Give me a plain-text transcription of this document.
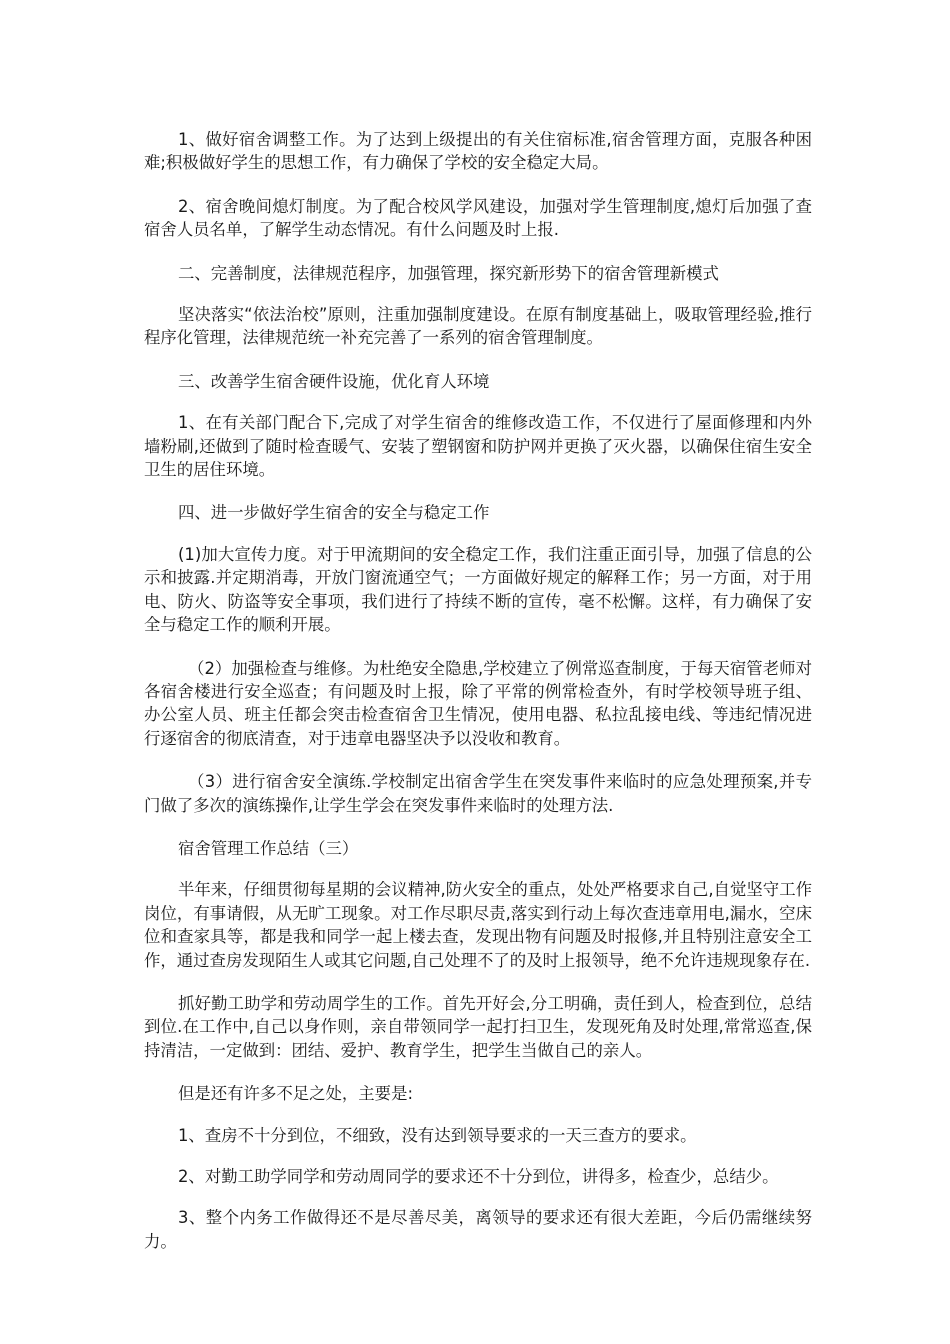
1、做好宿舍调整工作。为了达到上级提出的有关住宿标准,宿舍管理方面，克服各种困难;积极做好学生的思想工作，有力确保了学校的安全稳定大局。

2、宿舍晚间熄灯制度。为了配合校风学风建设，加强对学生管理制度,熄灯后加强了查宿舍人员名单，了解学生动态情况。有什么问题及时上报.

二、完善制度，法律规范程序，加强管理，探究新形势下的宿舍管理新模式

坚决落实“依法治校”原则，注重加强制度建设。在原有制度基础上，吸取管理经验,推行程序化管理，法律规范统一补充完善了一系列的宿舍管理制度。

三、改善学生宿舍硬件设施，优化育人环境

1、在有关部门配合下,完成了对学生宿舍的维修改造工作，不仅进行了屋面修理和内外墙粉刷,还做到了随时检查暖气、安装了塑钢窗和防护网并更换了灭火器，以确保住宿生安全卫生的居住环境。

四、进一步做好学生宿舍的安全与稳定工作

(1)加大宣传力度。对于甲流期间的安全稳定工作，我们注重正面引导，加强了信息的公示和披露.并定期消毒，开放门窗流通空气；一方面做好规定的解释工作；另一方面，对于用电、防火、防盗等安全事项，我们进行了持续不断的宣传，毫不松懈。这样，有力确保了安全与稳定工作的顺利开展。

（2）加强检查与维修。为杜绝安全隐患,学校建立了例常巡查制度，于每天宿管老师对各宿舍楼进行安全巡查；有问题及时上报，除了平常的例常检查外，有时学校领导班子组、办公室人员、班主任都会突击检查宿舍卫生情况，使用电器、私拉乱接电线、等违纪情况进行逐宿舍的彻底清查，对于违章电器坚决予以没收和教育。

（3）进行宿舍安全演练.学校制定出宿舍学生在突发事件来临时的应急处理预案,并专门做了多次的演练操作,让学生学会在突发事件来临时的处理方法.

宿舍管理工作总结（三）

半年来，仔细贯彻每星期的会议精神,防火安全的重点，处处严格要求自己,自觉坚守工作岗位，有事请假，从无旷工现象。对工作尽职尽责,落实到行动上每次查违章用电,漏水，空床位和查家具等，都是我和同学一起上楼去查，发现出物有问题及时报修,并且特别注意安全工作，通过查房发现陌生人或其它问题,自己处理不了的及时上报领导，绝不允许违规现象存在.

抓好勤工助学和劳动周学生的工作。首先开好会,分工明确，责任到人，检查到位，总结到位.在工作中,自己以身作则，亲自带领同学一起打扫卫生，发现死角及时处理,常常巡查,保持清洁，一定做到：团结、爱护、教育学生，把学生当做自己的亲人。

但是还有许多不足之处，主要是:

1、查房不十分到位，不细致，没有达到领导要求的一天三查方的要求。

2、对勤工助学同学和劳动周同学的要求还不十分到位，讲得多，检查少，总结少。

3、整个内务工作做得还不是尽善尽美，离领导的要求还有很大差距，今后仍需继续努力。
